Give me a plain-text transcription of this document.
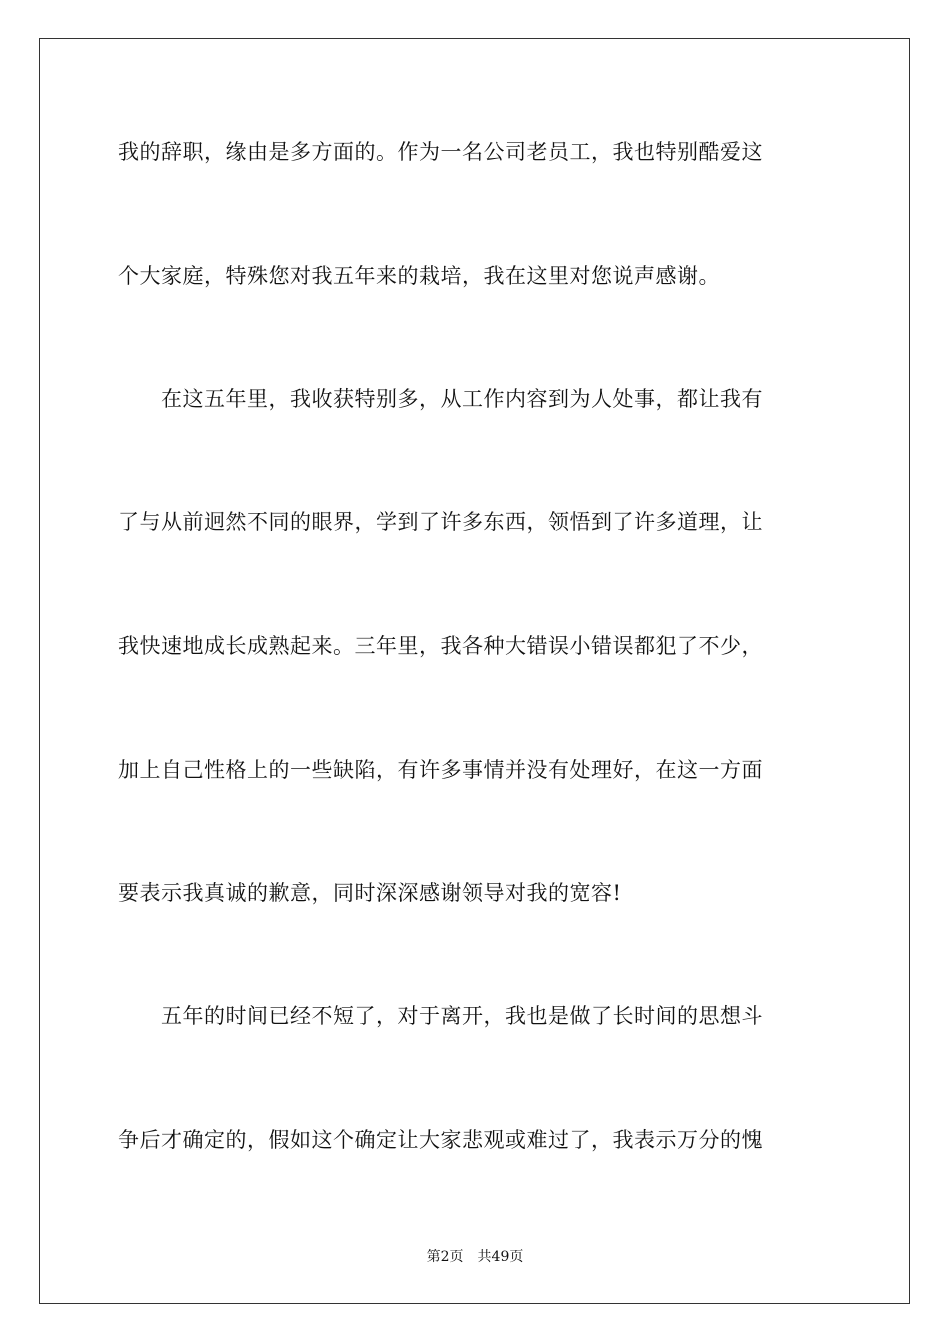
我的辞职，缘由是多方面的。作为一名公司老员工，我也特别酷爱这
个大家庭，特殊您对我五年来的栽培，我在这里对您说声感谢。
　　在这五年里，我收获特别多，从工作内容到为人处事，都让我有
了与从前迥然不同的眼界，学到了许多东西，领悟到了许多道理，让
我快速地成长成熟起来。三年里，我各种大错误小错误都犯了不少，
加上自己性格上的一些缺陷，有许多事情并没有处理好，在这一方面
要表示我真诚的歉意，同时深深感谢领导对我的宽容!
　　五年的时间已经不短了，对于离开，我也是做了长时间的思想斗
争后才确定的，假如这个确定让大家悲观或难过了，我表示万分的愧
第2页 共49页
